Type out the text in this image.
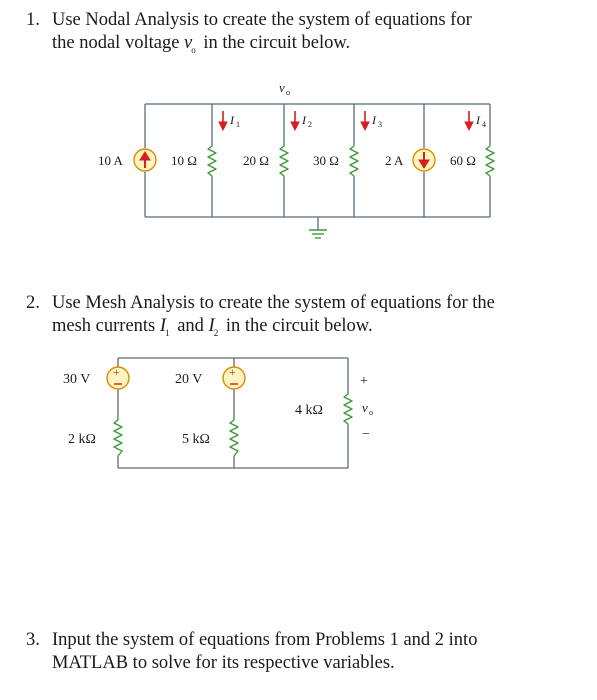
1. Use Nodal Analysis to create the system of equations for
the nodal voltage $v_o$ in the circuit below.
2. Use Mesh Analysis to create the system of equations for the
mesh currents $I_1$ and $I_2$ in the circuit below.
3. Input the system of equations from Problems 1 and 2 into
MATLAB to solve for its respective variables.
10 A	10 Ω	20 Ω	30 Ω	2 A	60 Ω
v o
I 1	I 2	I 3	I 4
+
30 V	+
20 V
2 kΩ	5 kΩ
4 kΩ
+
v o
−
